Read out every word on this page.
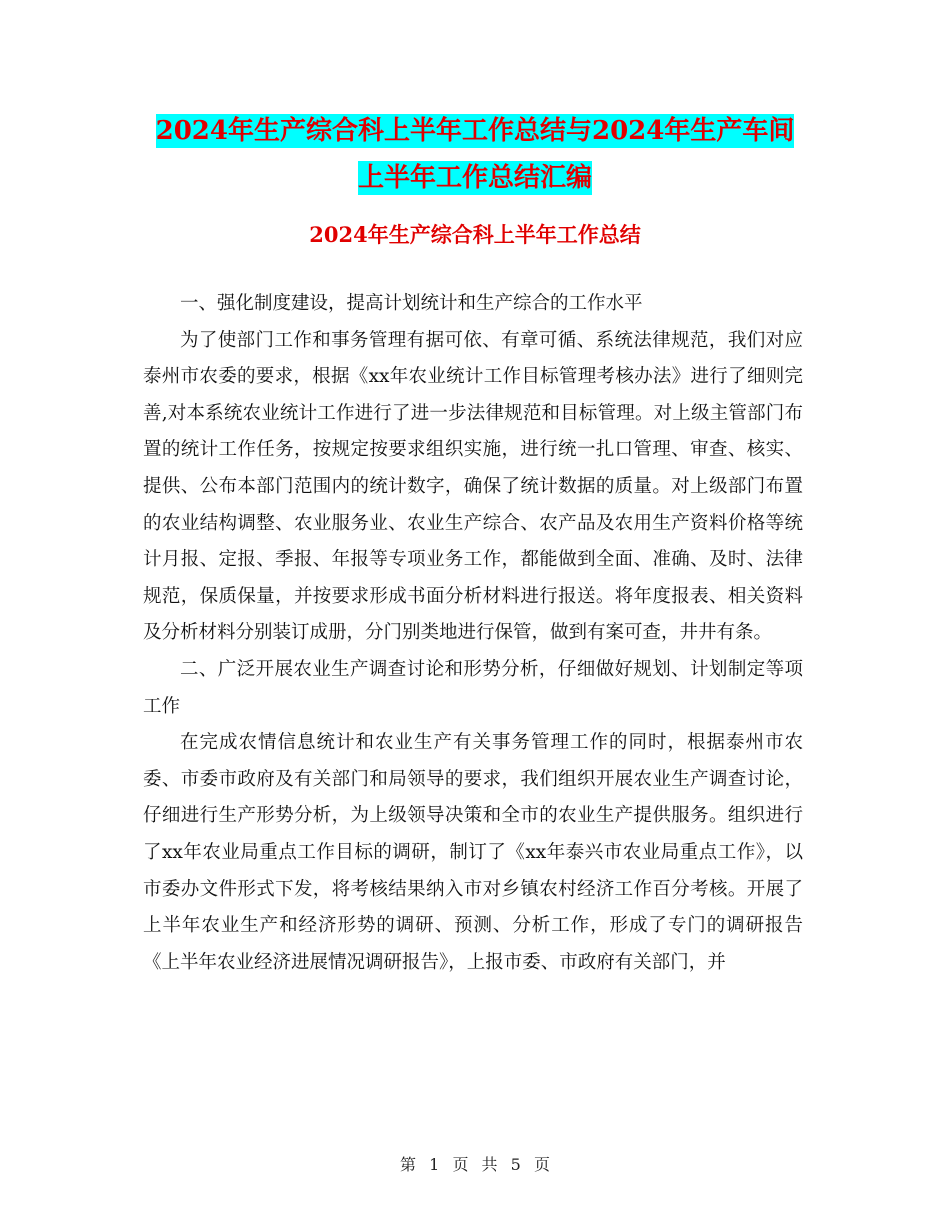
2024年生产综合科上半年工作总结与2024年生产车间
上半年工作总结汇编
2024年生产综合科上半年工作总结

一、强化制度建设，提高计划统计和生产综合的工作水平

为了使部门工作和事务管理有据可依、有章可循、系统法律规范，我们对应泰州市农委的要求，根据《xx年农业统计工作目标管理考核办法》进行了细则完善,对本系统农业统计工作进行了进一步法律规范和目标管理。对上级主管部门布置的统计工作任务，按规定按要求组织实施，进行统一扎口管理、审查、核实、提供、公布本部门范围内的统计数字，确保了统计数据的质量。对上级部门布置的农业结构调整、农业服务业、农业生产综合、农产品及农用生产资料价格等统计月报、定报、季报、年报等专项业务工作，都能做到全面、准确、及时、法律规范，保质保量，并按要求形成书面分析材料进行报送。将年度报表、相关资料及分析材料分别装订成册，分门别类地进行保管，做到有案可查，井井有条。

二、广泛开展农业生产调查讨论和形势分析，仔细做好规划、计划制定等项工作

在完成农情信息统计和农业生产有关事务管理工作的同时，根据泰州市农委、市委市政府及有关部门和局领导的要求，我们组织开展农业生产调查讨论，仔细进行生产形势分析，为上级领导决策和全市的农业生产提供服务。组织进行了xx年农业局重点工作目标的调研，制订了《xx年泰兴市农业局重点工作》，以市委办文件形式下发，将考核结果纳入市对乡镇农村经济工作百分考核。开展了上半年农业生产和经济形势的调研、预测、分析工作，形成了专门的调研报告《上半年农业经济进展情况调研报告》，上报市委、市政府有关部门，并

第 1 页 共 5 页
